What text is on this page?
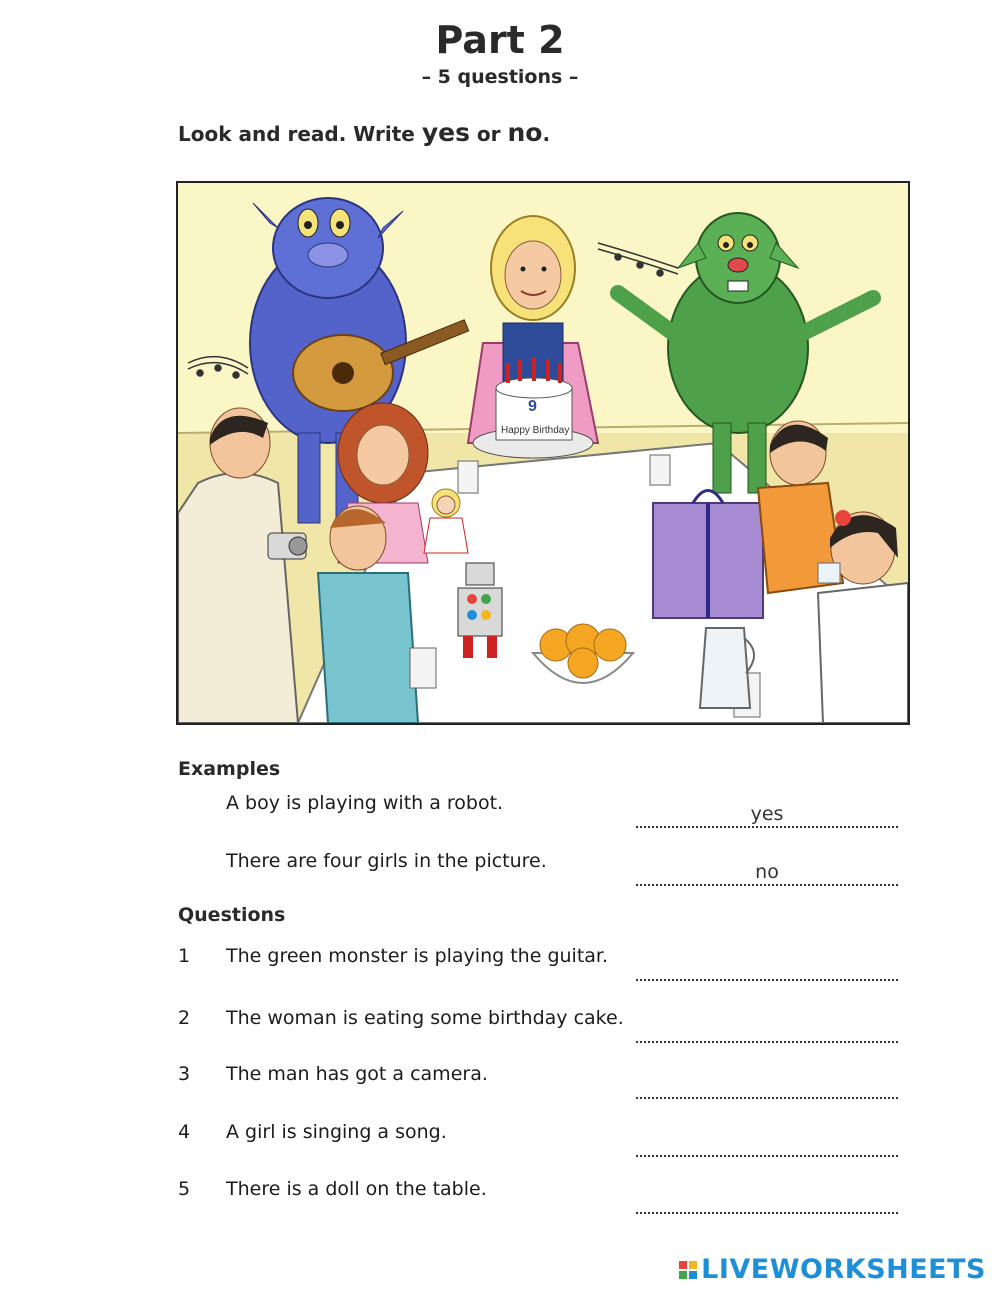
Part 2
– 5 questions –
Look and read. Write yes or no.
Happy Birthday
9
Examples
A boy is playing with a robot.	yes
There are four girls in the picture.	no
Questions
1 The green monster is playing the guitar.
2 The woman is eating some birthday cake.
3 The man has got a camera.
4 A girl is singing a song.
5 There is a doll on the table.
LIVEWORKSHEETS
